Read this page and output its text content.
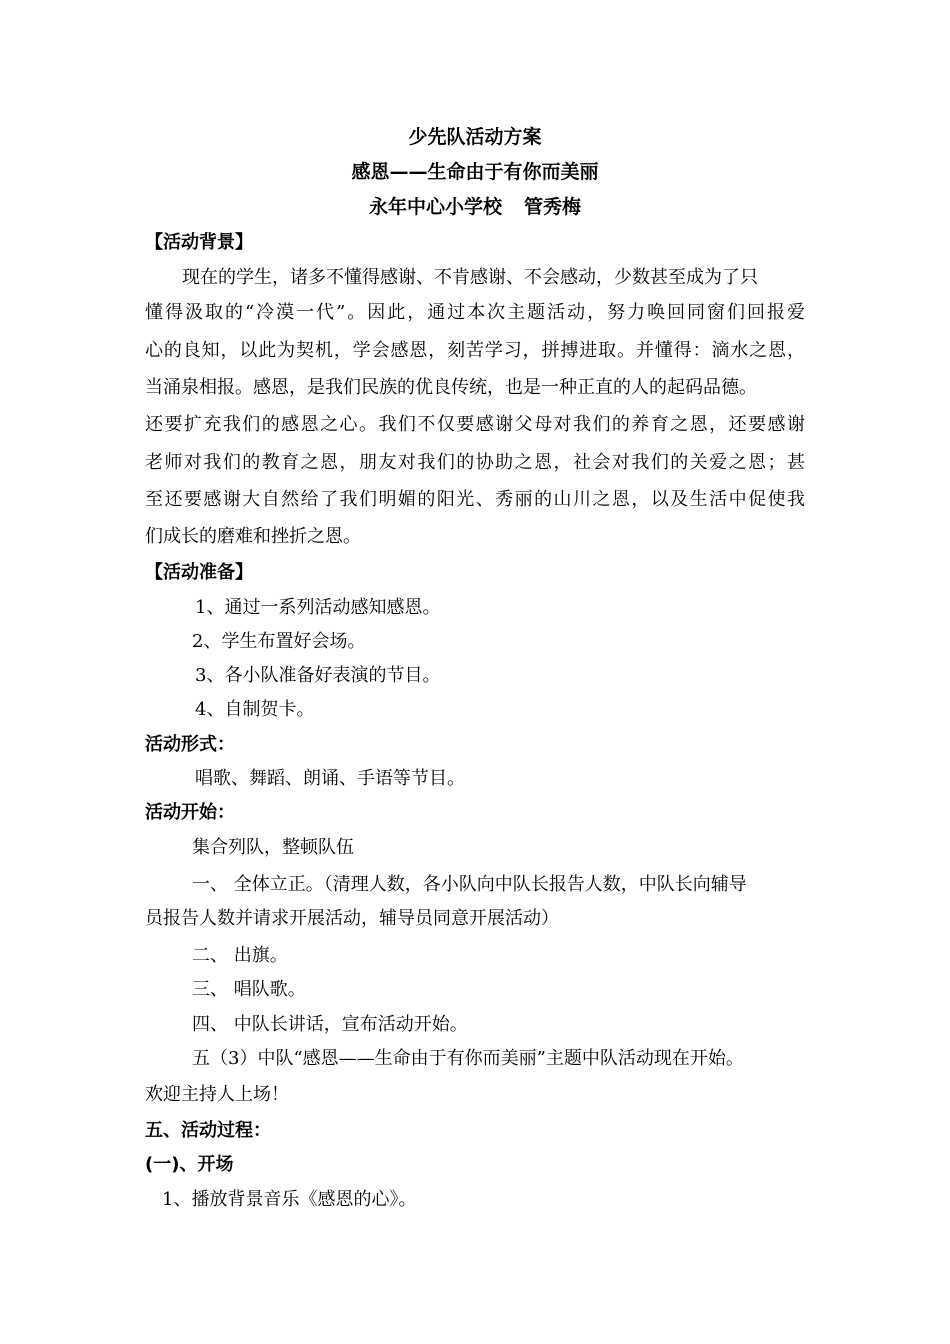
少先队活动方案
感恩——生命由于有你而美丽
永年中心小学校 管秀梅
【活动背景】
现在的学生，诸多不懂得感谢、不肯感谢、不会感动，少数甚至成为了只
懂得汲取的“冷漠一代”。因此，通过本次主题活动，努力唤回同窗们回报爱
心的良知，以此为契机，学会感恩，刻苦学习，拼搏进取。并懂得：滴水之恩，
当涌泉相报。感恩，是我们民族的优良传统，也是一种正直的人的起码品德。
还要扩充我们的感恩之心。我们不仅要感谢父母对我们的养育之恩，还要感谢
老师对我们的教育之恩，朋友对我们的协助之恩，社会对我们的关爱之恩；甚
至还要感谢大自然给了我们明媚的阳光、秀丽的山川之恩，以及生活中促使我
们成长的磨难和挫折之恩。
【活动准备】
1、通过一系列活动感知感恩。
2、学生布置好会场。
3、各小队准备好表演的节目。
4、自制贺卡。
活动形式：
唱歌、舞蹈、朗诵、手语等节目。
活动开始：
集合列队，整顿队伍
一、 全体立正。（清理人数，各小队向中队长报告人数，中队长向辅导
员报告人数并请求开展活动，辅导员同意开展活动）
二、 出旗。
三、 唱队歌。
四、 中队长讲话，宣布活动开始。
五（3）中队“感恩——生命由于有你而美丽”主题中队活动现在开始。
欢迎主持人上场！
五、活动过程：
(一)、开场
1、播放背景音乐《感恩的心》。
